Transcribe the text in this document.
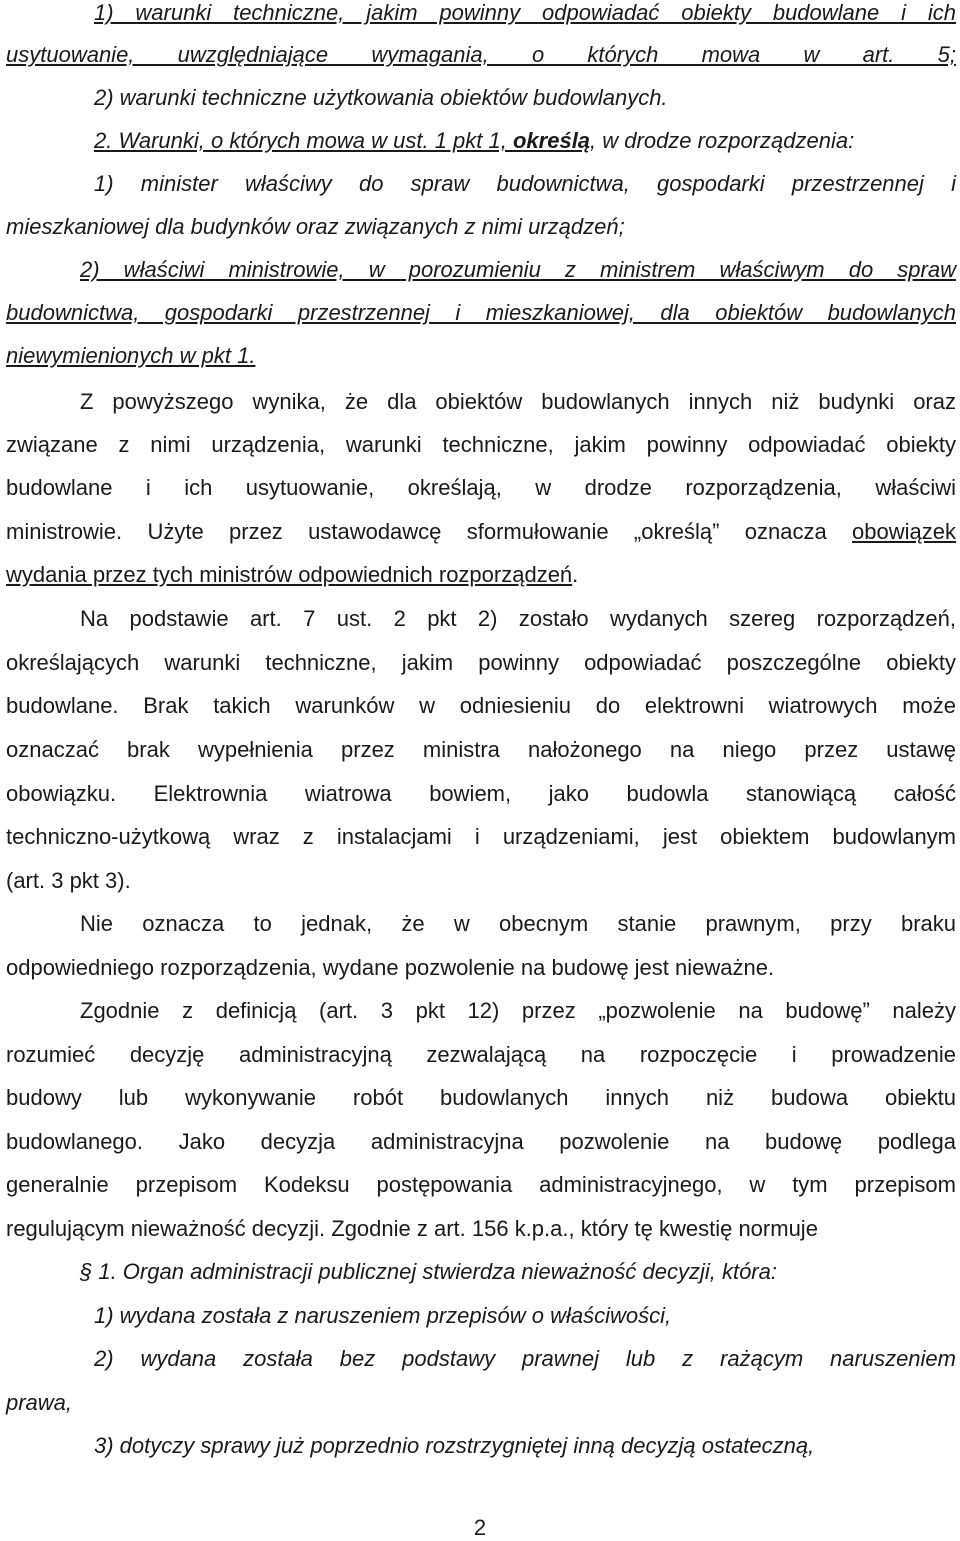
1) warunki techniczne, jakim powinny odpowiadać obiekty budowlane i ich
usytuowanie, uwzględniające wymagania, o których mowa w art. 5;
2) warunki techniczne użytkowania obiektów budowlanych.
2. Warunki, o których mowa w ust. 1 pkt 1, określą, w drodze rozporządzenia:
1) minister właściwy do spraw budownictwa, gospodarki przestrzennej i
mieszkaniowej dla budynków oraz związanych z nimi urządzeń;
2) właściwi ministrowie, w porozumieniu z ministrem właściwym do spraw
budownictwa, gospodarki przestrzennej i mieszkaniowej, dla obiektów budowlanych
niewymienionych w pkt 1.
Z powyższego wynika, że dla obiektów budowlanych innych niż budynki oraz
związane z nimi urządzenia, warunki techniczne, jakim powinny odpowiadać obiekty
budowlane i ich usytuowanie, określają, w drodze rozporządzenia, właściwi
ministrowie. Użyte przez ustawodawcę sformułowanie „określą” oznacza obowiązek
wydania przez tych ministrów odpowiednich rozporządzeń.
Na podstawie art. 7 ust. 2 pkt 2) zostało wydanych szereg rozporządzeń,
określających warunki techniczne, jakim powinny odpowiadać poszczególne obiekty
budowlane. Brak takich warunków w odniesieniu do elektrowni wiatrowych może
oznaczać brak wypełnienia przez ministra nałożonego na niego przez ustawę
obowiązku. Elektrownia wiatrowa bowiem, jako budowla stanowiącą całość
techniczno-użytkową wraz z instalacjami i urządzeniami, jest obiektem budowlanym
(art. 3 pkt 3).
Nie oznacza to jednak, że w obecnym stanie prawnym, przy braku
odpowiedniego rozporządzenia, wydane pozwolenie na budowę jest nieważne.
Zgodnie z definicją (art. 3 pkt 12) przez „pozwolenie na budowę” należy
rozumieć decyzję administracyjną zezwalającą na rozpoczęcie i prowadzenie
budowy lub wykonywanie robót budowlanych innych niż budowa obiektu
budowlanego. Jako decyzja administracyjna pozwolenie na budowę podlega
generalnie przepisom Kodeksu postępowania administracyjnego, w tym przepisom
regulującym nieważność decyzji. Zgodnie z art. 156 k.p.a., który tę kwestię normuje
§ 1. Organ administracji publicznej stwierdza nieważność decyzji, która:
1) wydana została z naruszeniem przepisów o właściwości,
2) wydana została bez podstawy prawnej lub z rażącym naruszeniem
prawa,
3) dotyczy sprawy już poprzednio rozstrzygniętej inną decyzją ostateczną,
2
